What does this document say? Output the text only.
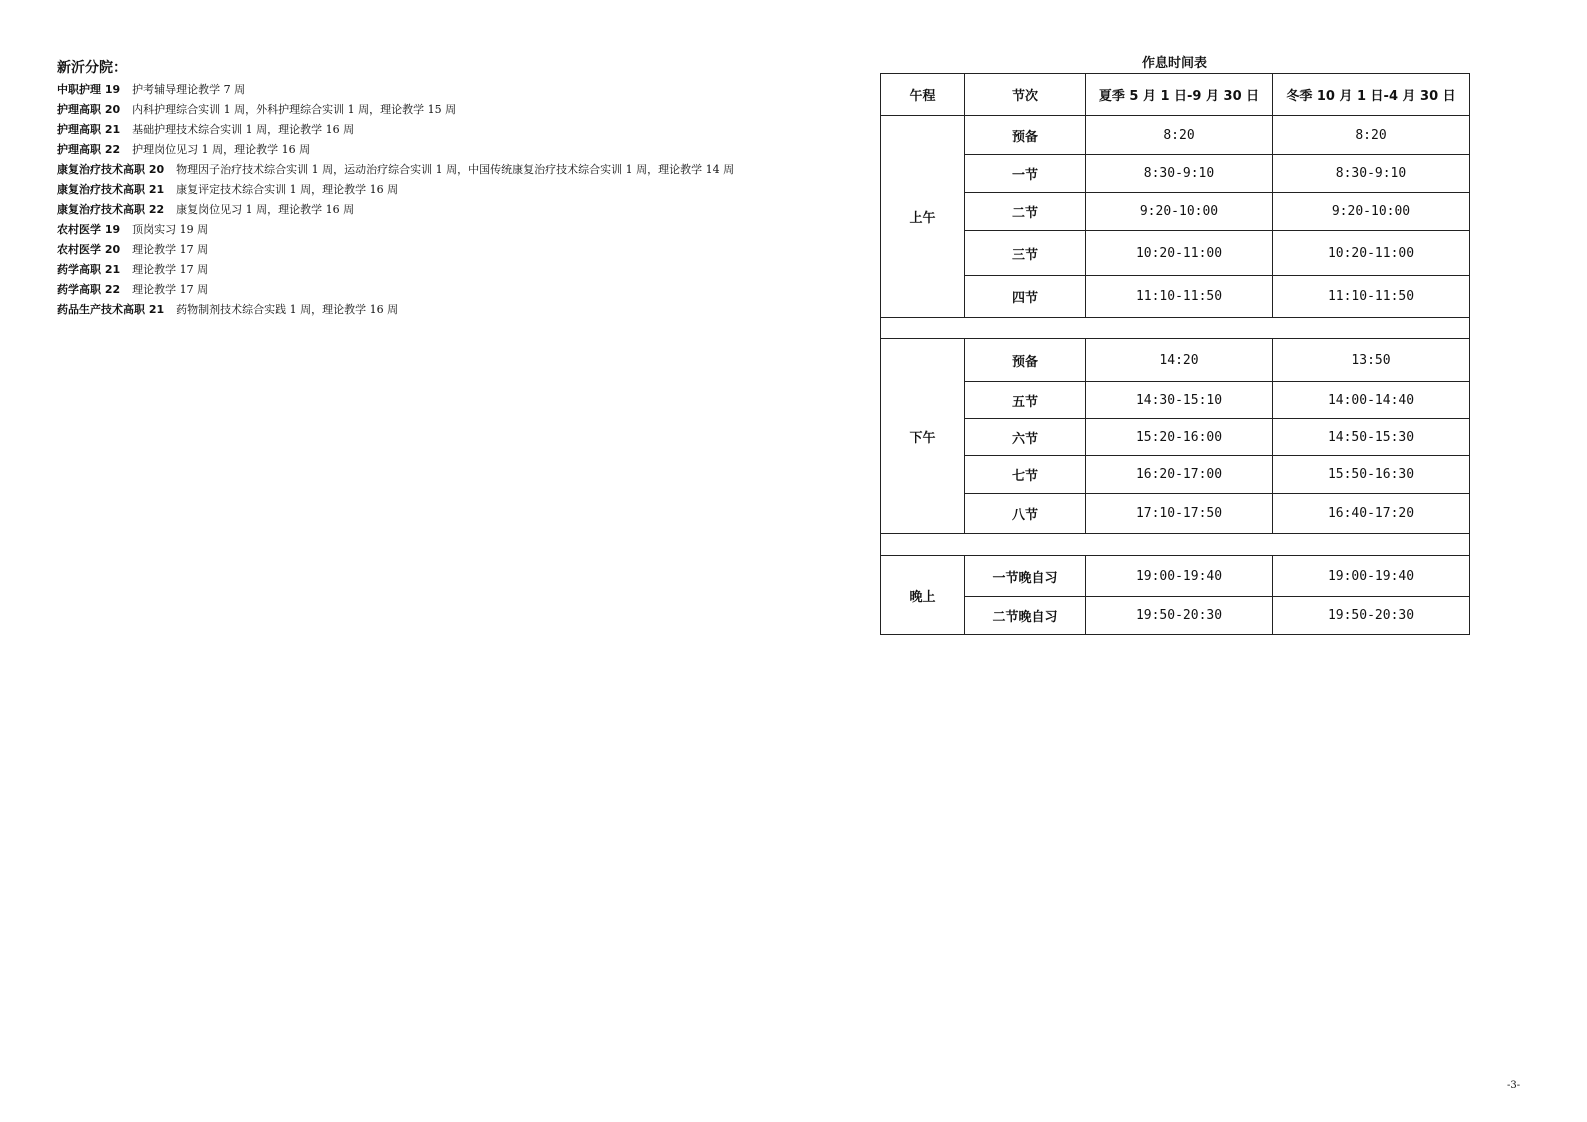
新沂分院：
中职护理 19 护考辅导理论教学 7 周
护理高职 20 内科护理综合实训 1 周，外科护理综合实训 1 周，理论教学 15 周
护理高职 21 基础护理技术综合实训 1 周，理论教学 16 周
护理高职 22 护理岗位见习 1 周，理论教学 16 周
康复治疗技术高职 20 物理因子治疗技术综合实训 1 周，运动治疗综合实训 1 周，中国传统康复治疗技术综合实训 1 周，理论教学 14 周
康复治疗技术高职 21 康复评定技术综合实训 1 周，理论教学 16 周
康复治疗技术高职 22 康复岗位见习 1 周，理论教学 16 周
农村医学 19 顶岗实习 19 周
农村医学 20 理论教学 17 周
药学高职 21 理论教学 17 周
药学高职 22 理论教学 17 周
药品生产技术高职 21 药物制剂技术综合实践 1 周，理论教学 16 周
作息时间表
午程	节次	夏季 5 月 1 日-9 月 30 日	冬季 10 月 1 日-4 月 30 日
上午	预备	8:20	8:20
	一节	8:30-9:10	8:30-9:10
	二节	9:20-10:00	9:20-10:00
	三节	10:20-11:00	10:20-11:00
	四节	11:10-11:50	11:10-11:50

下午	预备	14:20	13:50
	五节	14:30-15:10	14:00-14:40
	六节	15:20-16:00	14:50-15:30
	七节	16:20-17:00	15:50-16:30
	八节	17:10-17:50	16:40-17:20

晚上	一节晚自习	19:00-19:40	19:00-19:40
	二节晚自习	19:50-20:30	19:50-20:30
-3-
